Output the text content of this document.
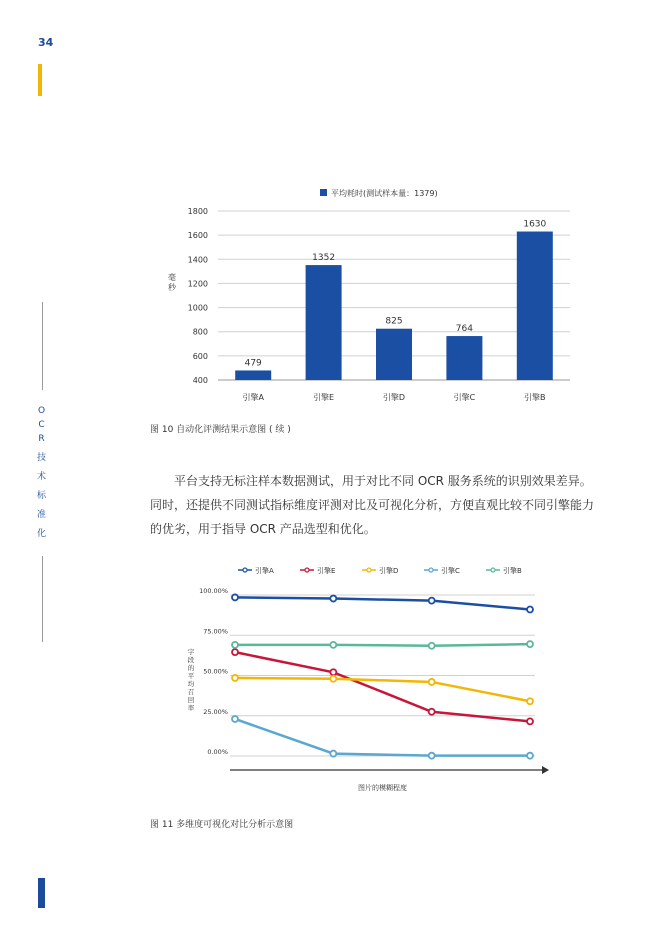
34
OCR
技
术
标
准
化
平均耗时(测试样本量：1379)
400
600
800
1000
1200
1400
1600
1800
毫
秒
479
引擎A
1352
引擎E
825
引擎D
764
引擎C
1630
引擎B
图 10 自动化评测结果示意图 ( 续 )
平台支持无标注样本数据测试，用于对比不同 OCR 服务系统的识别效果差异。同时，还提供不同测试指标维度评测对比及可视化分析，方便直观比较不同引擎能力的优劣，用于指导 OCR 产品选型和优化。
引擎A	引擎E	引擎D	引擎C	引擎B
0.00%
25.00%
50.00%
75.00%
100.00%
图片的模糊程度
字
段
的
平
均
召
回
率
图 11 多维度可视化对比分析示意图
